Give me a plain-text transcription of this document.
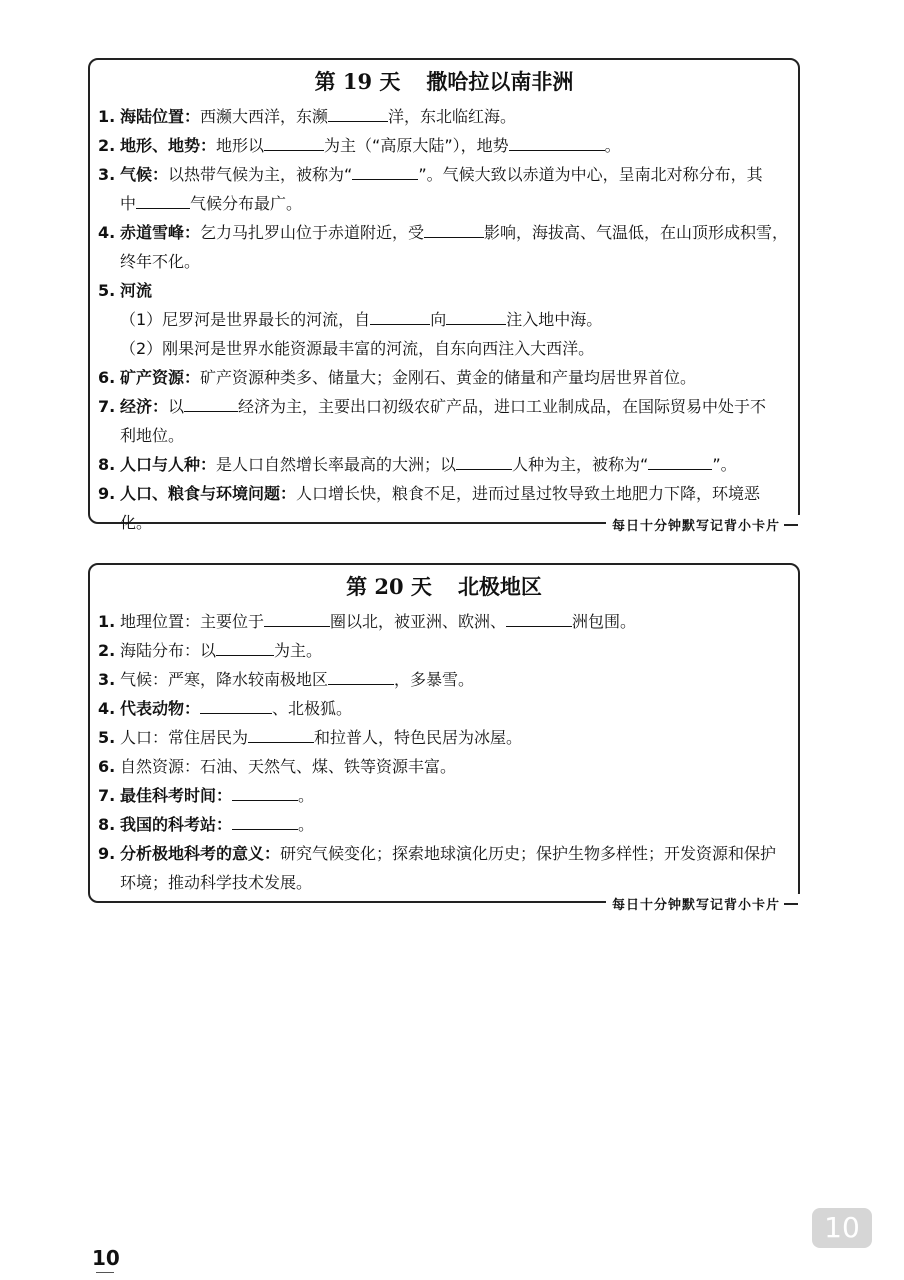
第 19 天 撒哈拉以南非洲
1. 海陆位置：西濒大西洋，东濒	洋，东北临红海。
2. 地形、地势：地形以	为主（“高原大陆”），地势	。
3. 气候：以热带气候为主，被称为“	”。气候大致以赤道为中心，呈南北对称分布，其
中	气候分布最广。
4. 赤道雪峰：乞力马扎罗山位于赤道附近，受	影响，海拔高、气温低，在山顶形成积雪，
终年不化。
5. 河流
（1）尼罗河是世界最长的河流，自	向	注入地中海。
（2）刚果河是世界水能资源最丰富的河流，自东向西注入大西洋。
6. 矿产资源：矿产资源种类多、储量大；金刚石、黄金的储量和产量均居世界首位。
7. 经济：以	经济为主，主要出口初级农矿产品，进口工业制成品，在国际贸易中处于不
利地位。
8. 人口与人种：是人口自然增长率最高的大洲；以	人种为主，被称为“	”。
9. 人口、粮食与环境问题：人口增长快，粮食不足，进而过垦过牧导致土地肥力下降，环境恶化。	每日十分钟默写记背小卡片
第 20 天 北极地区
1. 地理位置：主要位于	圈以北，被亚洲、欧洲、	洲包围。
2. 海陆分布：以	为主。
3. 气候：严寒，降水较南极地区	，多暴雪。
4. 代表动物：	、北极狐。
5. 人口：常住居民为	和拉普人，特色民居为冰屋。
6. 自然资源：石油、天然气、煤、铁等资源丰富。
7. 最佳科考时间：	。
8. 我国的科考站：	。
9. 分析极地科考的意义：研究气候变化；探索地球演化历史；保护生物多样性；开发资源和保护
环境；推动科学技术发展。
每日十分钟默写记背小卡片
10
10
